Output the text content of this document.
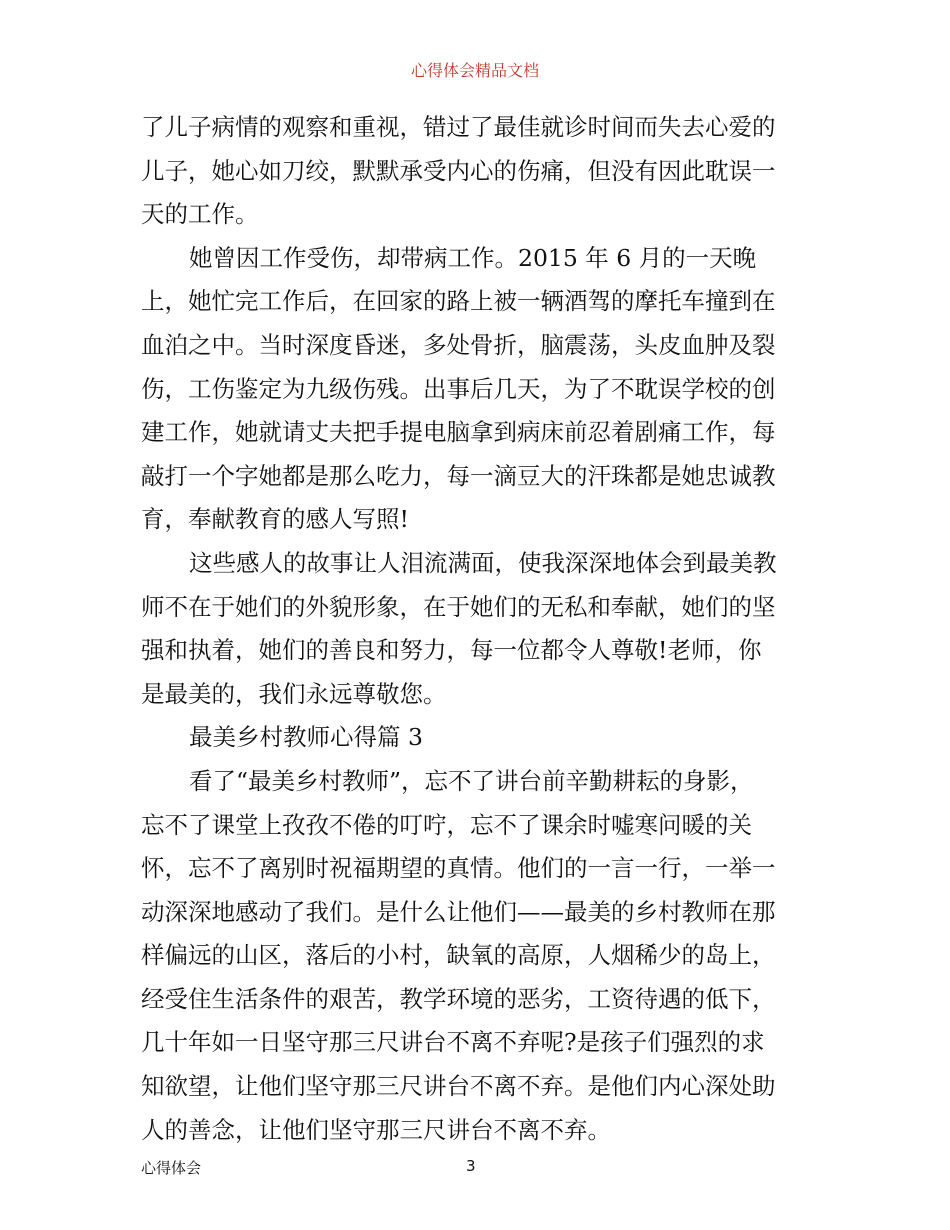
心得体会精品文档
了儿子病情的观察和重视，错过了最佳就诊时间而失去心爱的
儿子，她心如刀绞，默默承受内心的伤痛，但没有因此耽误一
天的工作。
她曾因工作受伤，却带病工作。2015 年 6 月的一天晚
上，她忙完工作后，在回家的路上被一辆酒驾的摩托车撞到在
血泊之中。当时深度昏迷，多处骨折，脑震荡，头皮血肿及裂
伤，工伤鉴定为九级伤残。出事后几天，为了不耽误学校的创
建工作，她就请丈夫把手提电脑拿到病床前忍着剧痛工作，每
敲打一个字她都是那么吃力，每一滴豆大的汗珠都是她忠诚教
育，奉献教育的感人写照!
这些感人的故事让人泪流满面，使我深深地体会到最美教
师不在于她们的外貌形象，在于她们的无私和奉献，她们的坚
强和执着，她们的善良和努力，每一位都令人尊敬!老师，你
是最美的，我们永远尊敬您。
最美乡村教师心得篇 3
看了“最美乡村教师”，忘不了讲台前辛勤耕耘的身影，
忘不了课堂上孜孜不倦的叮咛，忘不了课余时嘘寒问暖的关
怀，忘不了离别时祝福期望的真情。他们的一言一行，一举一
动深深地感动了我们。是什么让他们——最美的乡村教师在那
样偏远的山区，落后的小村，缺氧的高原，人烟稀少的岛上，
经受住生活条件的艰苦，教学环境的恶劣，工资待遇的低下，
几十年如一日坚守那三尺讲台不离不弃呢?是孩子们强烈的求
知欲望，让他们坚守那三尺讲台不离不弃。是他们内心深处助
人的善念，让他们坚守那三尺讲台不离不弃。
心得体会	3
